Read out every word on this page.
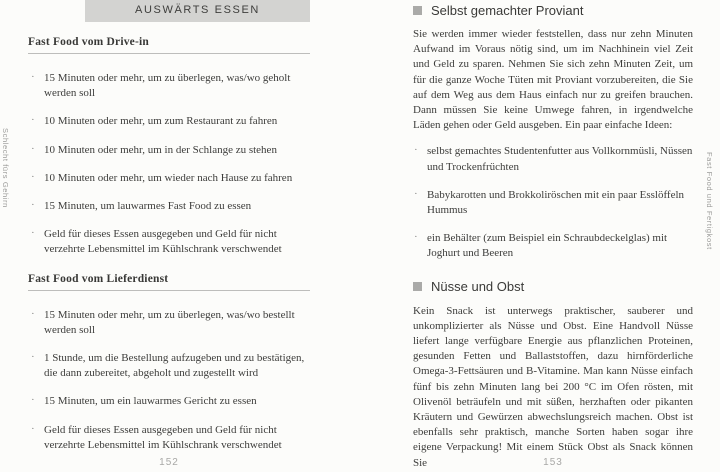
Schlecht fürs Gehirn
AUSWÄRTS ESSEN
Fast Food vom Drive-in
· 15 Minuten oder mehr, um zu überlegen, was/wo geholt werden soll
· 10 Minuten oder mehr, um zum Restaurant zu fahren
· 10 Minuten oder mehr, um in der Schlange zu stehen
· 10 Minuten oder mehr, um wieder nach Hause zu fahren
· 15 Minuten, um lauwarmes Fast Food zu essen
· Geld für dieses Essen ausgegeben und Geld für nicht verzehrte Lebensmittel im Kühlschrank verschwendet
Fast Food vom Lieferdienst
· 15 Minuten oder mehr, um zu überlegen, was/wo bestellt werden soll
· 1 Stunde, um die Bestellung aufzugeben und zu bestätigen, die dann zubereitet, abgeholt und zugestellt wird
· 15 Minuten, um ein lauwarmes Gericht zu essen
· Geld für dieses Essen ausgegeben und Geld für nicht verzehrte Lebensmittel im Kühlschrank verschwendet
152
Fast Food und Fertigkost
Selbst gemachter Proviant

Sie werden immer wieder feststellen, dass nur zehn Minuten Aufwand im Voraus nötig sind, um im Nachhinein viel Zeit und Geld zu sparen. Nehmen Sie sich zehn Minuten Zeit, um für die ganze Woche Tüten mit Proviant vorzubereiten, die Sie auf dem Weg aus dem Haus einfach nur zu greifen brauchen. Dann müssen Sie keine Umwege fahren, in irgendwelche Läden gehen oder Geld ausgeben. Ein paar einfache Ideen:

· selbst gemachtes Studentenfutter aus Vollkornmüsli, Nüssen und Trockenfrüchten
· Babykarotten und Brokkoliröschen mit ein paar Esslöffeln Hummus
· ein Behälter (zum Beispiel ein Schraubdeckelglas) mit Joghurt und Beeren
Nüsse und Obst

Kein Snack ist unterwegs praktischer, sauberer und unkomplizierter als Nüsse und Obst. Eine Handvoll Nüsse liefert lange verfügbare Energie aus pflanzlichen Proteinen, gesunden Fetten und Ballaststoffen, dazu hirnförderliche Omega-3-Fettsäuren und B-Vitamine. Man kann Nüsse einfach fünf bis zehn Minuten lang bei 200 °C im Ofen rösten, mit Olivenöl beträufeln und mit süßen, herzhaften oder pikanten Kräutern und Gewürzen abwechslungsreich machen. Obst ist ebenfalls sehr praktisch, manche Sorten haben sogar ihre eigene Verpackung! Mit einem Stück Obst als Snack können Sie	153
